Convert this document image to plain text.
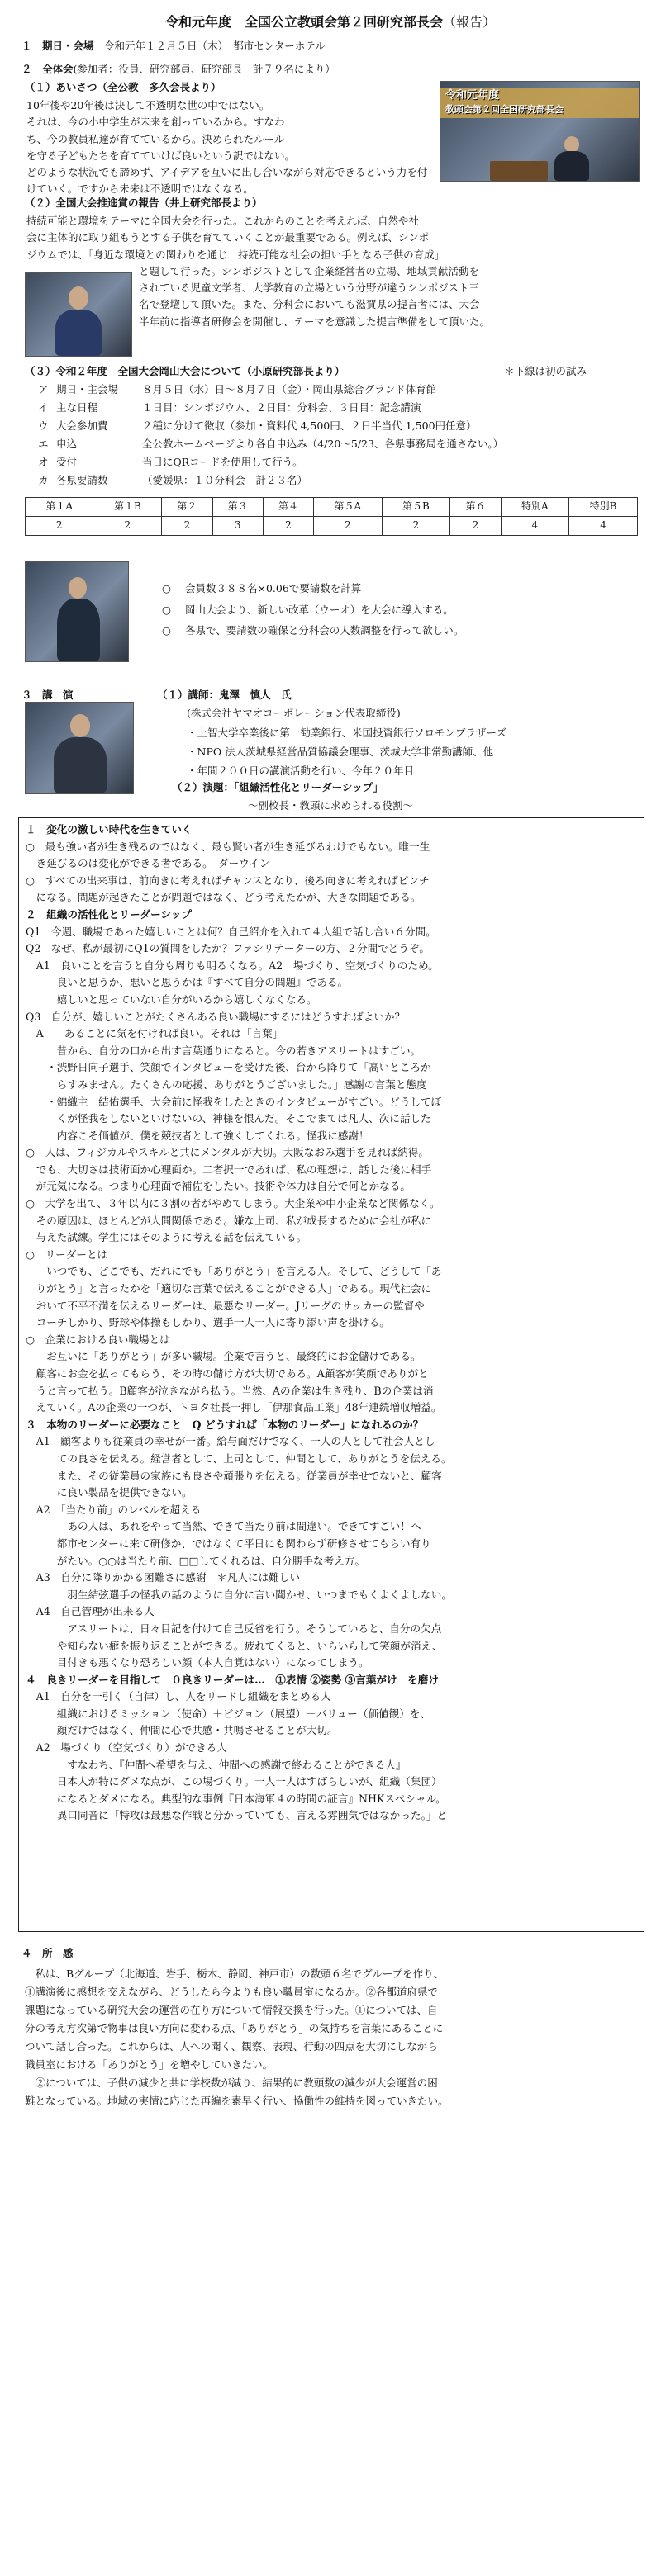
令和元年度　全国公立教頭会第２回研究部長会（報告）
１　期日・会場　 令和元年１２月５日（木）　都市センターホテル
２　全体会(参加者：役員、研究部員、研究部長　計７９名により）
（１）あいさつ（全公教　多久会長より）
10年後や20年後は決して不透明な世の中ではない。
それは、今の小中学生が未来を創っているから。すなわ
ち、今の教員私達が育てているから。決められたルール
を守る子どもたちを育てていけば良いという訳ではない。
どのような状況でも諦めず、アイデアを互いに出し合いながら対応できるという力を付
けていく。ですから未来は不透明ではなくなる。
令和元年度
教頭会第２回全国研究部長会
（２）全国大会推進賞の報告（井上研究部長より）
持続可能と環境をテーマに全国大会を行った。これからのことを考えれば、自然や社
会に主体的に取り組もうとする子供を育てていくことが最重要である。例えば、シンポ
ジウムでは、「身近な環境との関わりを通じ　持続可能な社会の担い手となる子供の育成」
と題して行った。シンポジストとして企業経営者の立場、地域貢献活動を
されている児童文学者、大学教育の立場という分野が違うシンポジスト三
名で登壇して頂いた。また、分科会においても滋賀県の提言者には、大会
半年前に指導者研修会を開催し、テーマを意識した提言準備をして頂いた。
（３）令和２年度　全国大会岡山大会について（小原研究部長より）	＊下線は初の試み
ア 期日・主会場	８月５日（水）日〜８月７日（金）・岡山県総合グランド体育館
イ 主な日程	１日目：シンポジウム、２日目：分科会、３日目：記念講演
ウ 大会参加費	２種に分けて徴収（参加・資料代 4,500円、２日半当代 1,500円任意）
エ 申込	全公教ホームページより各自申込み（4/20〜5/23、各県事務局を通さない。）
オ 受付	当日にQRコードを使用して行う。
カ 各県要請数	（愛媛県：１０分科会　計２３名）
第１A	第１B	第２	第３	第４	第５A	第５B	第６	特別A	特別B
2	2	2	3	2	2	2	2	4	4
○	会員数３８８名×0.06で要請数を計算
○	岡山大会より、新しい改革（ウーオ）を大会に導入する。
○	各県で、要請数の確保と分科会の人数調整を行って欲しい。
３　講　演	（１）講師：鬼澤　慎人　氏
(株式会社ヤマオコーポレーション代表取締役)
・上智大学卒業後に第一勧業銀行、米国投資銀行ソロモンブラザーズ
・NPO 法人茨城県経営品質協議会理事、茨城大学非常勤講師、他
・年間２００日の講演活動を行い、今年２０年目
（２）演題：「組織活性化とリーダーシップ」
〜副校長・教頭に求められる役割〜
１　変化の激しい時代を生きていく
○　最も強い者が生き残るのではなく、最も賢い者が生き延びるわけでもない。唯一生
　き延びるのは変化ができる者である。　ダーウイン
○　すべての出来事は、前向きに考えればチャンスとなり、後ろ向きに考えればピンチ
　になる。問題が起きたことが問題ではなく、どう考えたかが、大きな問題である。
２　組織の活性化とリーダーシップ
Q1　今週、職場であった嬉しいことは何？自己紹介を入れて４人組で話し合い６分間。
Q2　なぜ、私が最初にQ1の質問をしたか？ファシリテーターの方、２分間でどうぞ。
　A1　良いことを言うと自分も周りも明るくなる。A2　場づくり、空気づくりのため。
　　　良いと思うか、悪いと思うかは『すべて自分の問題』である。
　　　嬉しいと思っていない自分がいるから嬉しくなくなる。
Q3　自分が、嬉しいことがたくさんある良い職場にするにはどうすればよいか？
　A　　あることに気を付ければ良い。それは「言葉」
　　　昔から、自分の口から出す言葉通りになると。今の若きアスリートはすごい。
　　・渋野日向子選手、笑顔でインタビューを受けた後、台から降りて「高いところか
　　　らすみません。たくさんの応援、ありがとうございました。」感謝の言葉と態度
　　・錦織主　結佑選手、大会前に怪我をしたときのインタビューがすごい。どうしてぼ
　　　くが怪我をしないといけないの、神様を恨んだ。そこでまては凡人、次に話した
　　　内容こそ価値が、僕を競技者として強くしてくれる。怪我に感謝！
○　人は、フィジカルやスキルと共にメンタルが大切。大阪なおみ選手を見れば納得。
　でも、大切さは技術面か心理面か。二者択一であれば、私の理想は、話した後に相手
　が元気になる。つまり心理面で補佐をしたい。技術や体力は自分で何とかなる。
○　大学を出て、３年以内に３割の者がやめてしまう。大企業や中小企業など関係なく。
　その原因は、ほとんどが人間関係である。嫌な上司、私が成長するために会社が私に
　与えた試練。学生にはそのように考える話を伝えている。
○　リーダーとは
　　いつでも、どこでも、だれにでも「ありがとう」を言える人。そして、どうして「あ
　りがとう」と言ったかを「適切な言葉で伝えることができる人」である。現代社会に
　おいて不平不満を伝えるリーダーは、最悪なリーダー。Jリーグのサッカーの監督や
　コーチしかり、野球や体操もしかり、選手一人一人に寄り添い声を掛ける。
○　企業における良い職場とは
　　お互いに「ありがとう」が多い職場。企業で言うと、最終的にお金儲けである。
　顧客にお金を払ってもらう、その時の儲け方が大切である。A顧客が笑顔でありがと
　うと言って払う。B顧客が泣きながら払う。当然、Aの企業は生き残り、Bの企業は消
　えていく。Aの企業の一つが、トヨタ社長一押し「伊那食品工業」48年連続増収増益。
３　本物のリーダーに必要なこと　Q どうすれば「本物のリーダー」になれるのか？
　A1　顧客よりも従業員の幸せが一番。給与面だけでなく、一人の人として社会人とし
　　　ての良さを伝える。経営者として、上司として、仲間として、ありがとうを伝える。
　　　また、その従業員の家族にも良さや頑張りを伝える。従業員が幸せでないと、顧客
　　　に良い製品を提供できない。
　A2　「当たり前」のレベルを超える
　　　　あの人は、あれをやって当然、できて当たり前は間違い。できてすごい！へ
　　　都市センターに来て研修か、ではなくて平日にも関わらず研修させてもらい有り
　　　がたい。○○は当たり前、□□してくれるは、自分勝手な考え方。
　A3　自分に降りかかる困難さに感謝　＊凡人には難しい
　　　　羽生結弦選手の怪我の話のように自分に言い聞かせ、いつまでもくよくよしない。
　A4　自己管理が出来る人
　　　　アスリートは、日々目記を付けて自己反省を行う。そうしていると、自分の欠点
　　　や知らない癖を振り返ることができる。疲れてくると、いらいらして笑顔が消え、
　　　目付きも悪くなり恐ろしい顔（本人自覚はない）になってしまう。
４　良きリーダーを目指して　０良きリーダーは…　①表情 ②姿勢 ③言葉がけ　を磨け
　A1　自分を一引く（自律）し、人をリードし組織をまとめる人
　　　組織におけるミッション（使命）＋ビジョン（展望）＋バリュー（価値観）を、
　　　顔だけではなく、仲間に心で共感・共鳴させることが大切。
　A2　場づくり（空気づくり）ができる人
　　　　すなわち、『仲間へ希望を与え、仲間への感謝で終わることができる人』
　　　日本人が特にダメな点が、この場づくり。一人一人はすばらしいが、組織（集団）
　　　になるとダメになる。典型的な事例『日本海軍４の時間の証言』NHKスペシャル。
　　　異口同音に「特攻は最悪な作戦と分かっていても、言える雰囲気ではなかった。」と
４　所　感
　私は、Bグループ（北海道、岩手、栃木、静岡、神戸市）の数頭６名でグループを作り、
①講演後に感想を交えながら、どうしたら今よりも良い職員室になるか。②各都道府県で
課題になっている研究大会の運営の在り方について情報交換を行った。①については、自
分の考え方次第で物事は良い方向に変わる点、「ありがとう」の気持ちを言葉にあることに
ついて話し合った。これからは、人への聞く、観察、表現、行動の四点を大切にしながら
職員室における「ありがとう」を増やしていきたい。
　②については、子供の減少と共に学校数が減り、結果的に教頭数の減少が大会運営の困
難となっている。地域の実情に応じた再編を素早く行い、協働性の維持を図っていきたい。
